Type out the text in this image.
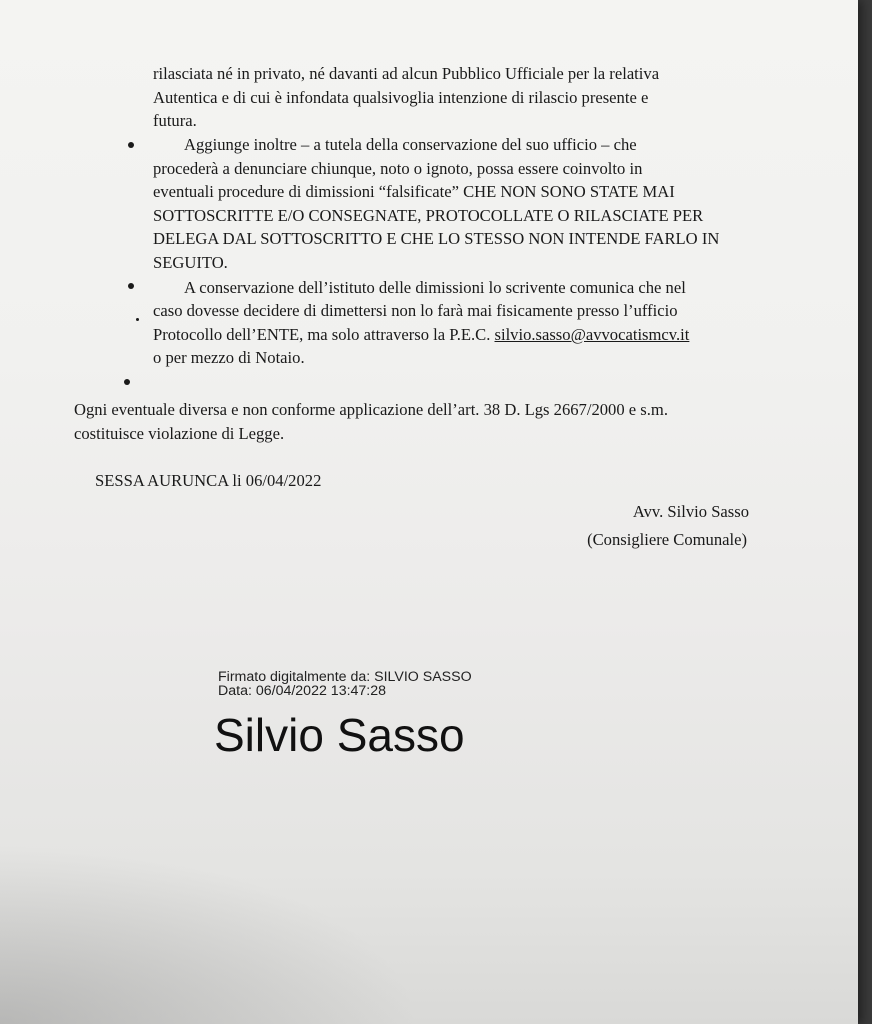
rilasciata né in privato, né davanti ad alcun Pubblico Ufficiale per la relativa
Autentica e di cui è infondata qualsivoglia intenzione di rilascio presente e
futura.
Aggiunge inoltre – a tutela della conservazione del suo ufficio – che
procederà a denunciare chiunque, noto o ignoto, possa essere coinvolto in
eventuali procedure di dimissioni “falsificate” CHE NON SONO STATE MAI
SOTTOSCRITTE E/O CONSEGNATE, PROTOCOLLATE O RILASCIATE PER
DELEGA DAL SOTTOSCRITTO E CHE LO STESSO NON INTENDE FARLO IN
SEGUITO.
A conservazione dell’istituto delle dimissioni lo scrivente comunica che nel
caso dovesse decidere di dimettersi non lo farà mai fisicamente presso l’ufficio
Protocollo dell’ENTE, ma solo attraverso la P.E.C. silvio.sasso@avvocatismcv.it
o per mezzo di Notaio.
Ogni eventuale diversa e non conforme applicazione dell’art. 38 D. Lgs 2667/2000 e s.m.
costituisce violazione di Legge.
SESSA AURUNCA li 06/04/2022
Avv. Silvio Sasso
(Consigliere Comunale)
Firmato digitalmente da: SILVIO SASSO
Data: 06/04/2022 13:47:28
Silvio Sasso
